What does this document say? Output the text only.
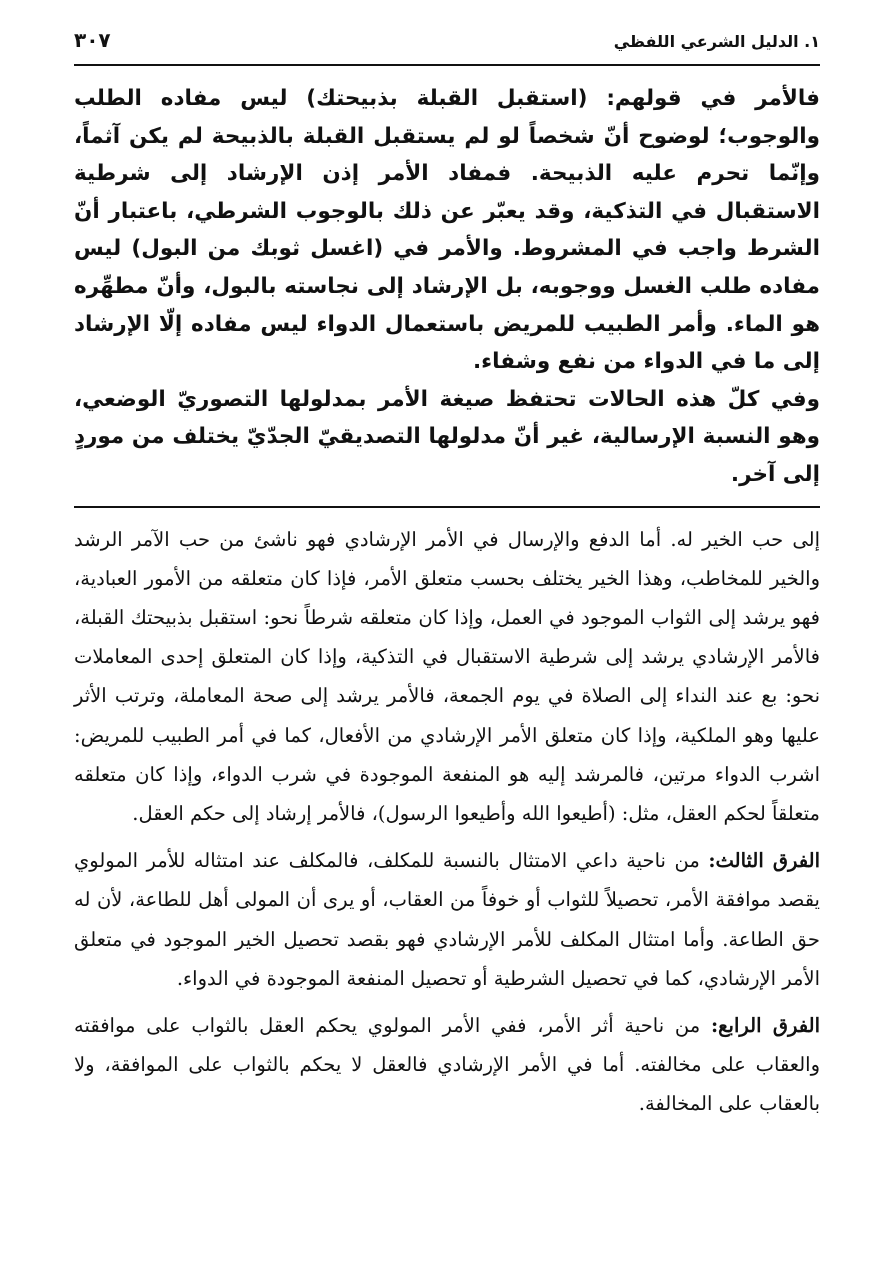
١. الدليل الشرعي اللفظي
٣٠٧

فالأمر في قولهم: (استقبل القبلة بذبيحتك) ليس مفاده الطلب والوجوب؛ لوضوح أنّ شخصاً لو لم يستقبل القبلة بالذبيحة لم يكن آثماً، وإنّما تحرم عليه الذبيحة. فمفاد الأمر إذن الإرشاد إلى شرطية الاستقبال في التذكية، وقد يعبّر عن ذلك بالوجوب الشرطي، باعتبار أنّ الشرط واجب في المشروط. والأمر في (اغسل ثوبك من البول) ليس مفاده طلب الغسل ووجوبه، بل الإرشاد إلى نجاسته بالبول، وأنّ مطهِّره هو الماء. وأمر الطبيب للمريض باستعمال الدواء ليس مفاده إلّا الإرشاد إلى ما في الدواء من نفع وشفاء.

وفي كلّ هذه الحالات تحتفظ صيغة الأمر بمدلولها التصوريّ الوضعي، وهو النسبة الإرسالية، غير أنّ مدلولها التصديقيّ الجدّيّ يختلف من موردٍ إلى آخر.

إلى حب الخير له. أما الدفع والإرسال في الأمر الإرشادي فهو ناشئ من حب الآمر الرشد والخير للمخاطب، وهذا الخير يختلف بحسب متعلق الأمر، فإذا كان متعلقه من الأمور العبادية، فهو يرشد إلى الثواب الموجود في العمل، وإذا كان متعلقه شرطاً نحو: استقبل بذبيحتك القبلة، فالأمر الإرشادي يرشد إلى شرطية الاستقبال في التذكية، وإذا كان المتعلق إحدى المعاملات نحو: بع عند النداء إلى الصلاة في يوم الجمعة، فالأمر يرشد إلى صحة المعاملة، وترتب الأثر عليها وهو الملكية، وإذا كان متعلق الأمر الإرشادي من الأفعال، كما في أمر الطبيب للمريض: اشرب الدواء مرتين، فالمرشد إليه هو المنفعة الموجودة في شرب الدواء، وإذا كان متعلقه متعلقاً لحكم العقل، مثل: (أطيعوا الله وأطيعوا الرسول)، فالأمر إرشاد إلى حكم العقل.

الفرق الثالث: من ناحية داعي الامتثال بالنسبة للمكلف، فالمكلف عند امتثاله للأمر المولوي يقصد موافقة الأمر، تحصيلاً للثواب أو خوفاً من العقاب، أو يرى أن المولى أهل للطاعة، لأن له حق الطاعة. وأما امتثال المكلف للأمر الإرشادي فهو بقصد تحصيل الخير الموجود في متعلق الأمر الإرشادي، كما في تحصيل الشرطية أو تحصيل المنفعة الموجودة في الدواء.

الفرق الرابع: من ناحية أثر الأمر، ففي الأمر المولوي يحكم العقل بالثواب على موافقته والعقاب على مخالفته. أما في الأمر الإرشادي فالعقل لا يحكم بالثواب على الموافقة، ولا بالعقاب على المخالفة.
